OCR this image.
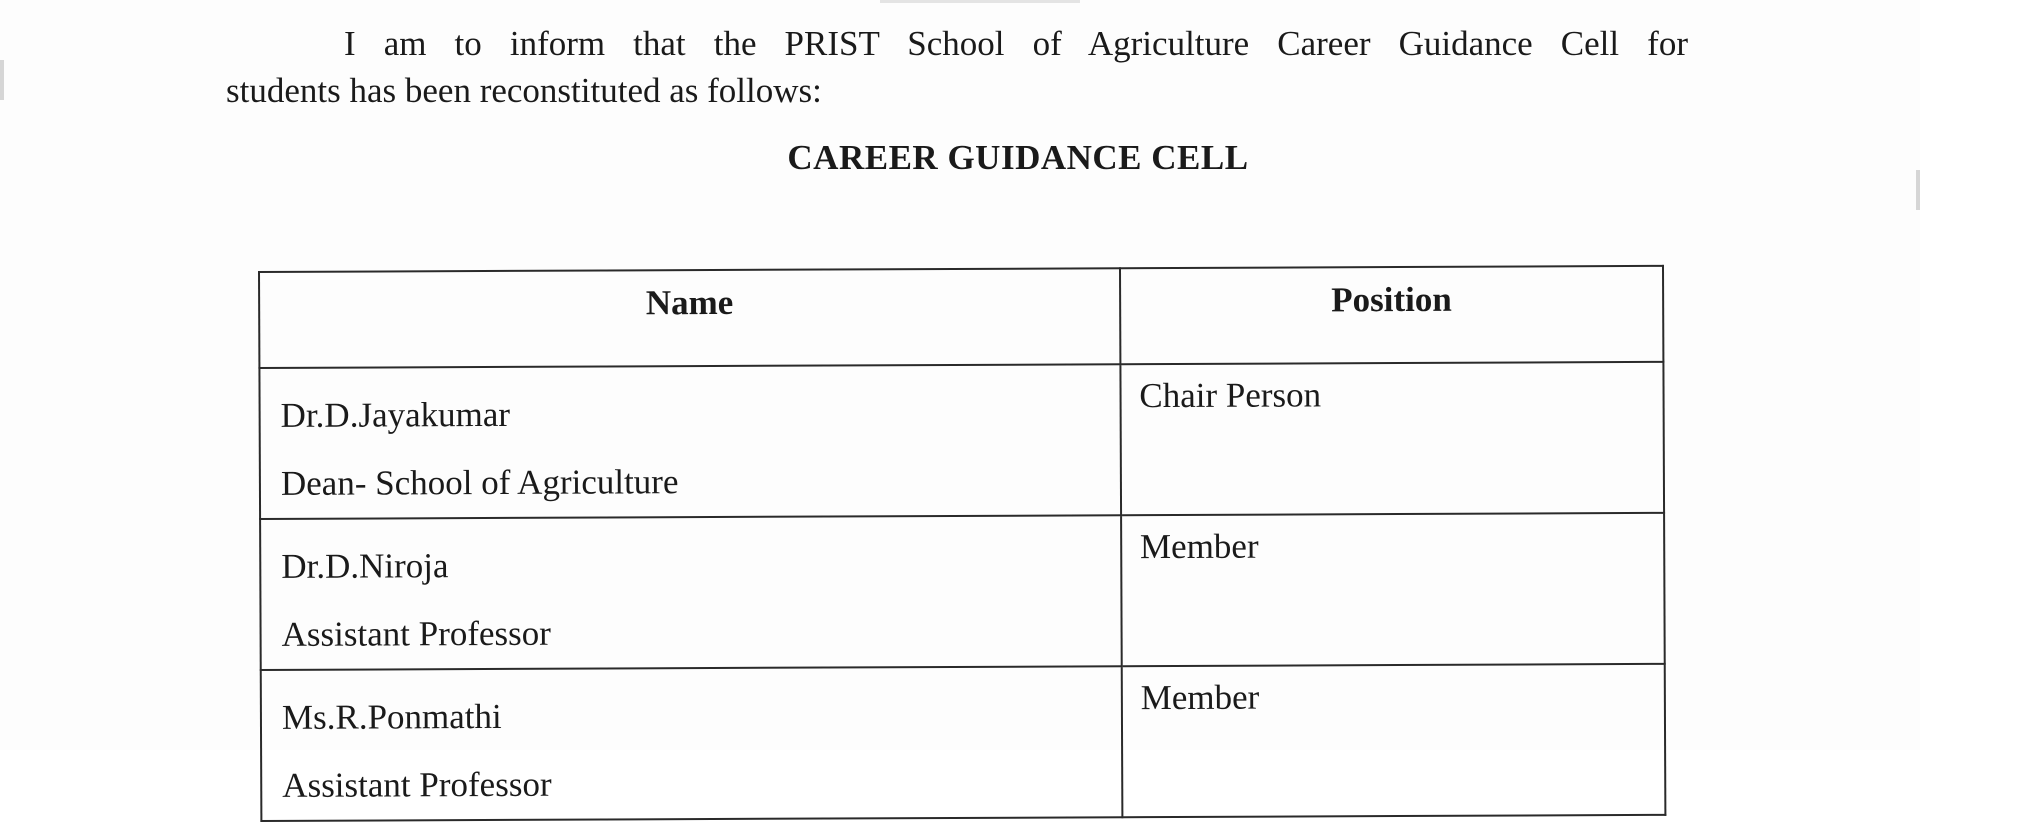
I am to inform that the PRIST School of Agriculture Career Guidance Cell for
students has been reconstituted as follows:
CAREER GUIDANCE CELL
Name	Position

Dr.D.Jayakumar
Dean- School of Agriculture	Chair Person

Dr.D.Niroja
Assistant Professor	Member

Ms.R.Ponmathi
Assistant Professor	Member
